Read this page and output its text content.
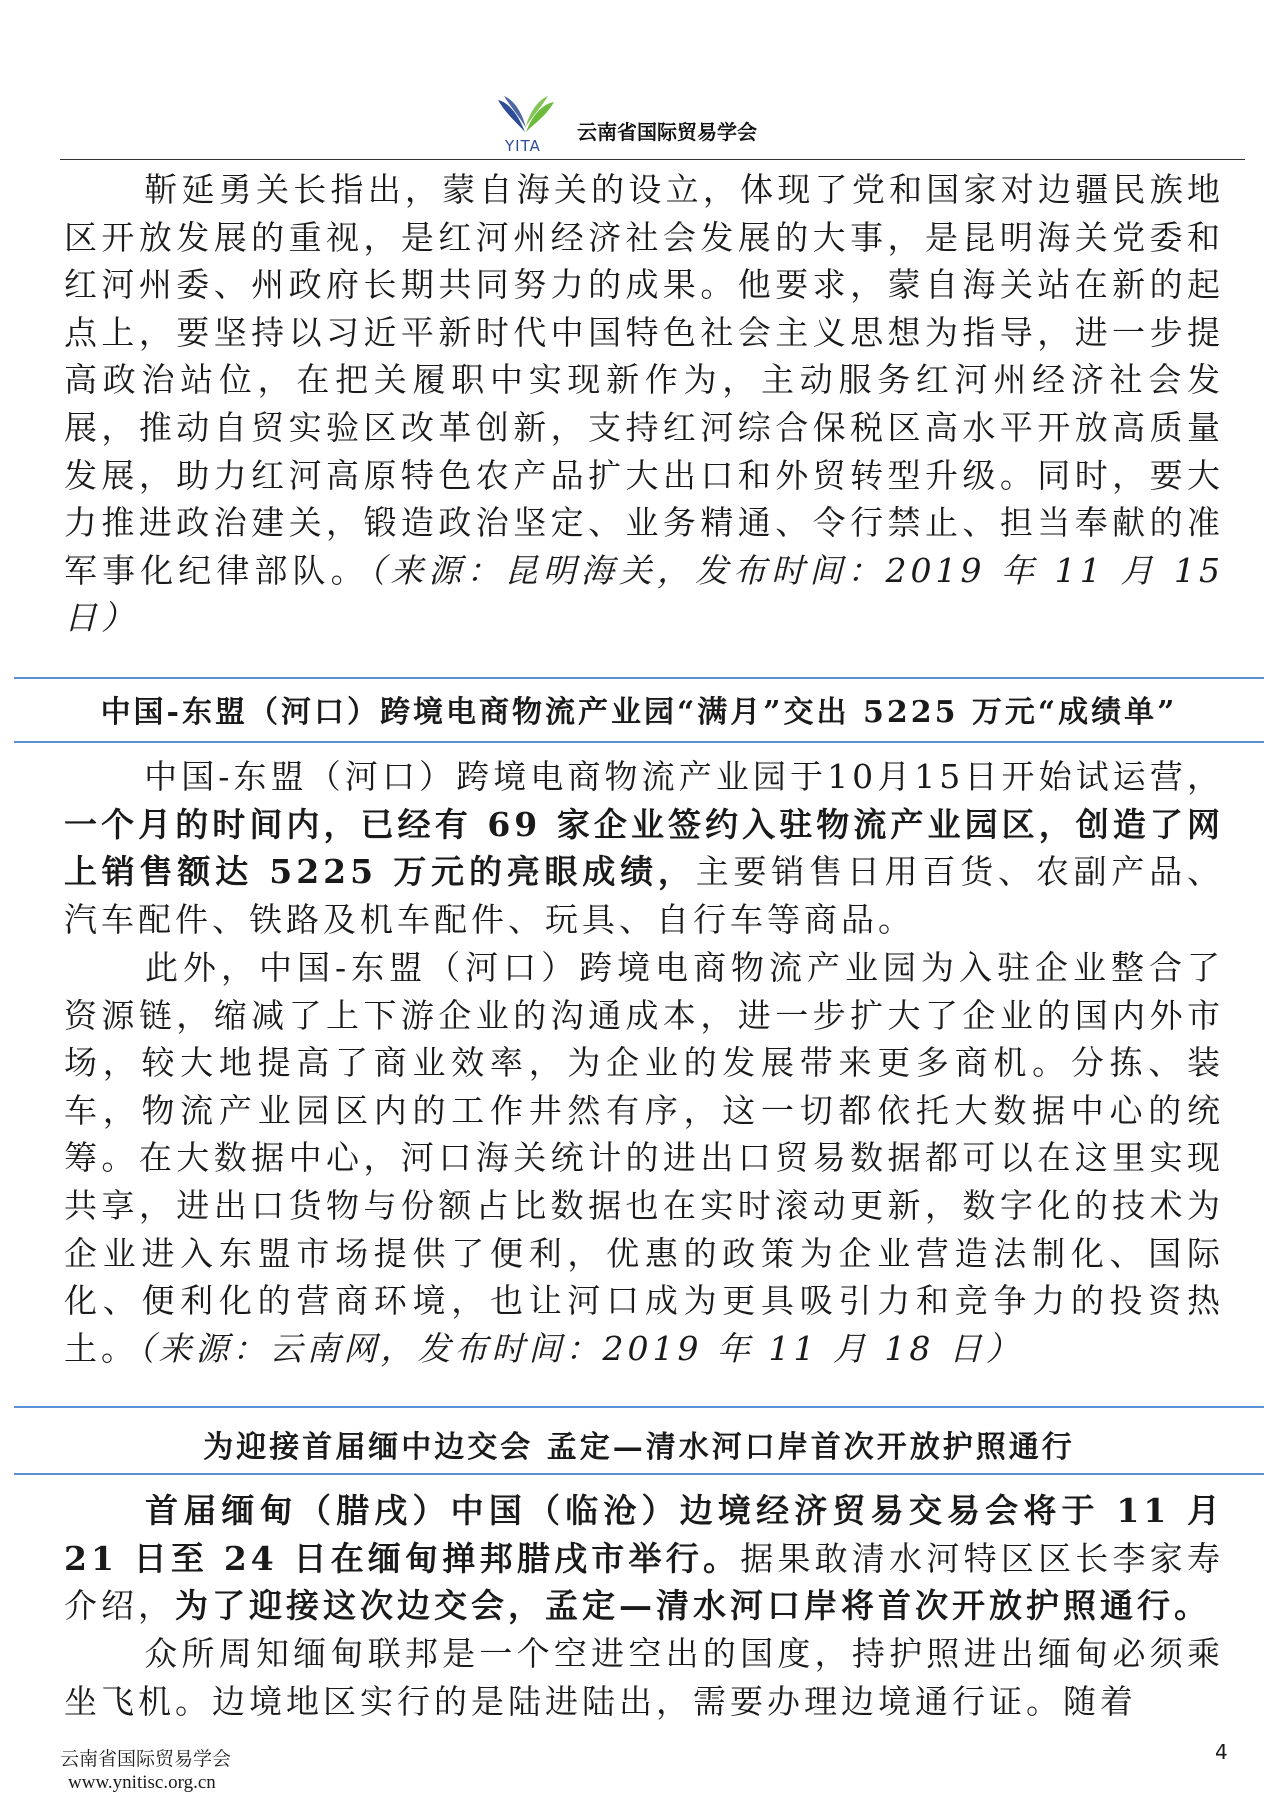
YITA
云南省国际贸易学会

靳延勇关长指出，蒙自海关的设立，体现了党和国家对边疆民族地区开放发展的重视，是红河州经济社会发展的大事，是昆明海关党委和红河州委、州政府长期共同努力的成果。他要求，蒙自海关站在新的起点上，要坚持以习近平新时代中国特色社会主义思想为指导，进一步提高政治站位，在把关履职中实现新作为，主动服务红河州经济社会发展，推动自贸实验区改革创新，支持红河综合保税区高水平开放高质量发展，助力红河高原特色农产品扩大出口和外贸转型升级。同时，要大力推进政治建关，锻造政治坚定、业务精通、令行禁止、担当奉献的准军事化纪律部队。（来源：昆明海关，发布时间：2019 年 11 月 15 日）

中国-东盟（河口）跨境电商物流产业园“满月”交出 5225 万元“成绩单”

中国-东盟（河口）跨境电商物流产业园于10月15日开始试运营，一个月的时间内，已经有 69 家企业签约入驻物流产业园区，创造了网上销售额达 5225 万元的亮眼成绩，主要销售日用百货、农副产品、汽车配件、铁路及机车配件、玩具、自行车等商品。

此外，中国-东盟（河口）跨境电商物流产业园为入驻企业整合了资源链，缩减了上下游企业的沟通成本，进一步扩大了企业的国内外市场，较大地提高了商业效率，为企业的发展带来更多商机。分拣、装车，物流产业园区内的工作井然有序，这一切都依托大数据中心的统筹。在大数据中心，河口海关统计的进出口贸易数据都可以在这里实现共享，进出口货物与份额占比数据也在实时滚动更新，数字化的技术为企业进入东盟市场提供了便利，优惠的政策为企业营造法制化、国际化、便利化的营商环境，也让河口成为更具吸引力和竞争力的投资热土。（来源：云南网，发布时间：2019 年 11 月 18 日）

为迎接首届缅中边交会 孟定—清水河口岸首次开放护照通行

首届缅甸（腊戌）中国（临沧）边境经济贸易交易会将于 11 月 21 日至 24 日在缅甸掸邦腊戌市举行。据果敢清水河特区区长李家寿介绍，为了迎接这次边交会，孟定—清水河口岸将首次开放护照通行。

众所周知缅甸联邦是一个空进空出的国度，持护照进出缅甸必须乘坐飞机。边境地区实行的是陆进陆出，需要办理边境通行证。随着

云南省国际贸易学会
www.ynitisc.org.cn
4
